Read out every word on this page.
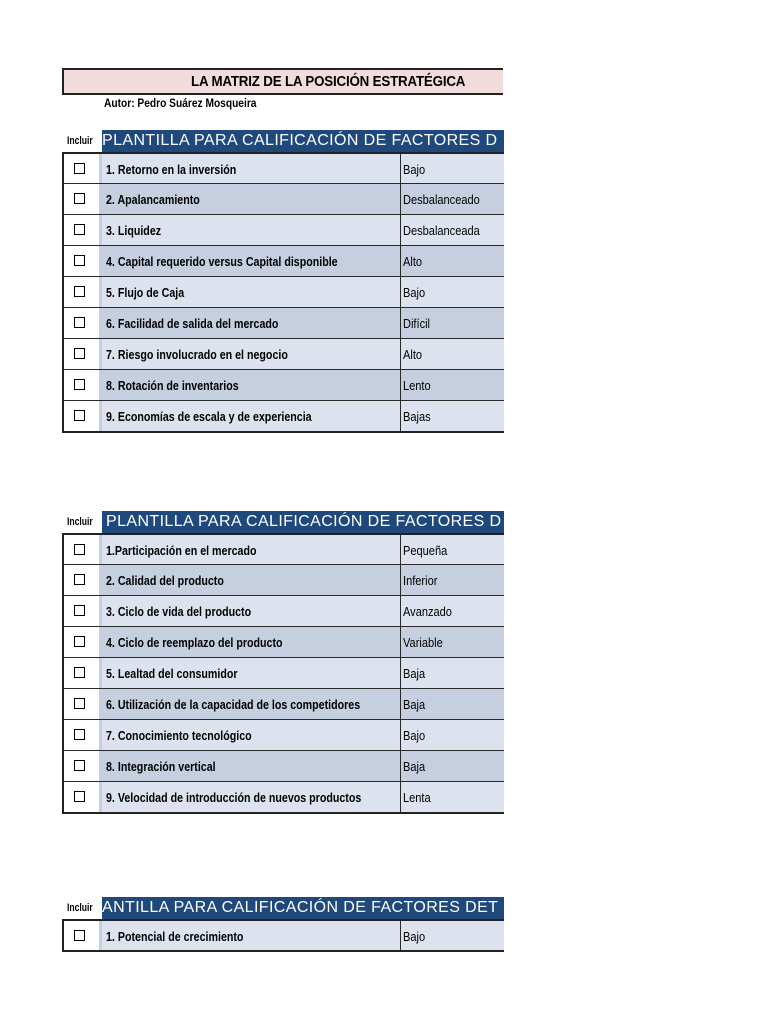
LA MATRIZ DE LA POSICIÓN ESTRATÉGICA
Autor: Pedro Suárez Mosqueira
Incluir PLANTILLA PARA CALIFICACIÓN DE FACTORES D
1. Retorno en la inversión	Bajo
2. Apalancamiento	Desbalanceado
3. Liquidez	Desbalanceada
4. Capital requerido versus Capital disponible	Alto
5. Flujo de Caja	Bajo
6. Facilidad de salida del mercado	Difícil
7. Riesgo involucrado en el negocio	Alto
8. Rotación de inventarios	Lento
9. Economías de escala y de experiencia	Bajas
Incluir PLANTILLA PARA CALIFICACIÓN DE FACTORES D
1.Participación en el mercado	Pequeña
2. Calidad del producto	Inferior
3. Ciclo de vida del producto	Avanzado
4. Ciclo de reemplazo del producto	Variable
5. Lealtad del consumidor	Baja
6. Utilización de la capacidad de los competidores	Baja
7. Conocimiento tecnológico	Bajo
8. Integración vertical	Baja
9. Velocidad de introducción de nuevos productos	Lenta
Incluir ANTILLA PARA CALIFICACIÓN DE FACTORES DET
1. Potencial de crecimiento	Bajo
